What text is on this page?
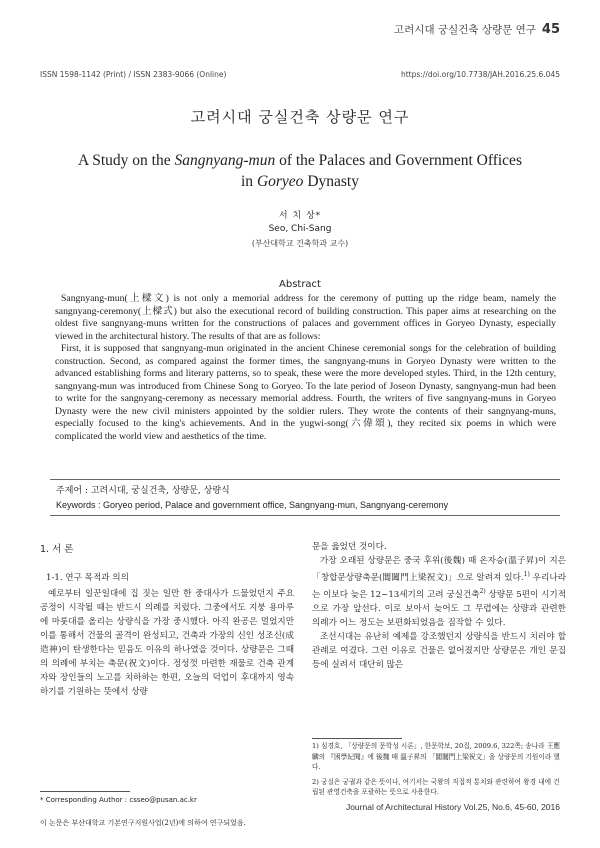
고려시대 궁실건축 상량문 연구 45
ISSN 1598-1142 (Print) / ISSN 2383-9066 (Online)	https://doi.org/10.7738/JAH.2016.25.6.045
고려시대 궁실건축 상량문 연구
A Study on the Sangnyang-mun of the Palaces and Government Offices
in Goryeo Dynasty
서 치 상*
Seo, Chi-Sang
(부산대학교 건축학과 교수)
Abstract

Sangnyang-mun(上樑文) is not only a memorial address for the ceremony of putting up the ridge beam, namely the sangnyang-ceremony(上樑式) but also the executional record of building construction. This paper aims at researching on the oldest five sangnyang-muns written for the constructions of palaces and government offices in Goryeo Dynasty, especially viewed in the architectural history. The results of that are as follows:

First, it is supposed that sangnyang-mun originated in the ancient Chinese ceremonial songs for the celebration of building construction. Second, as compared against the former times, the sangnyang-muns in Goryeo Dynasty were written to the advanced establishing forms and literary patterns, so to speak, these were the more developed styles. Third, in the 12th century, sangnyang-mun was introduced from Chinese Song to Goryeo. To the late period of Joseon Dynasty, sangnyang-mun had been to write for the sangnyang-ceremony as necessary memorial address. Fourth, the writers of five sangnyang-muns in Goryeo Dynasty were the new civil ministers appointed by the soldier rulers. They wrote the contents of their sangnyang-muns, especially focused to the king's achievements. And in the yugwi-song(六偉頌), they recited six poems in which were complicated the world view and aesthetics of the time.

주제어 : 고려시대, 궁실건축, 상량문, 상량식
Keywords : Goryeo period, Palace and government office, Sangnyang-mun, Sangnyang-ceremony
1. 서 론
1-1. 연구 목적과 의의

예로부터 일꾼일대에 집 짓는 일만 한 중대사가 드물었던지 주요 공정이 시작될 때는 반드시 의례를 치렀다. 그중에서도 지붕 용마루에 마룻대를 올리는 상량식을 가장 중시했다. 아직 완공은 멀었지만 이를 통해서 건물의 골격이 완성되고, 건축과 가장의 신인 성조신(成造神)이 탄생한다는 믿음도 이유의 하나였을 것이다. 상량문은 그때의 의례에 부치는 축문(祝文)이다. 정성껏 마련한 재물로 건축 관계자와 장인들의 노고를 치하하는 한편, 오늘의 덕업이 후대까지 영속하기를 기원하는 뜻에서 상량

문을 읊었던 것이다.

가장 오래된 상량문은 중국 후위(後魏) 때 온자승(溫子昇)이 지은 「창합문상량축문(閶闔門上梁祝文)」으로 알려져 있다.$^{1)}$ 우리나라는 이보다 늦은 12~13세기의 고려 궁실건축$^{2)}$ 상량문 5편이 시기적으로 가장 앞선다. 이로 보아서 늦어도 그 무렵에는 상량과 관련한 의례가 어느 정도는 보편화되었음을 짐작할 수 있다.

조선시대는 유난히 예제를 강조했던지 상량식을 반드시 치러야 할 관례로 여겼다. 그런 이유로 건물은 없어졌지만 상량문은 개인 문집 등에 실려서 대단히 많은

* Corresponding Author : csseo@pusan.ac.kr
이 논문은 부산대학교 기본연구지원사업(2년)에 의하여 연구되었음.

1) 심경호, 「상량문의 문학성 시론」, 한문학보, 20집, 2009.6, 322쪽; 송나라 王應麟의 『困學紀聞』에 後魏 때 溫子昇의 「閶闔門上梁祝文」을 상량문의 기원이라 했다.

2) 궁실은 궁궐과 같은 뜻이나, 여기서는 국왕의 직접적 통치와 관련하여 왕경 내에 건립된 관영건축을 포괄하는 뜻으로 사용한다.

Journal of Architectural History Vol.25, No.6, 45-60, 2016
